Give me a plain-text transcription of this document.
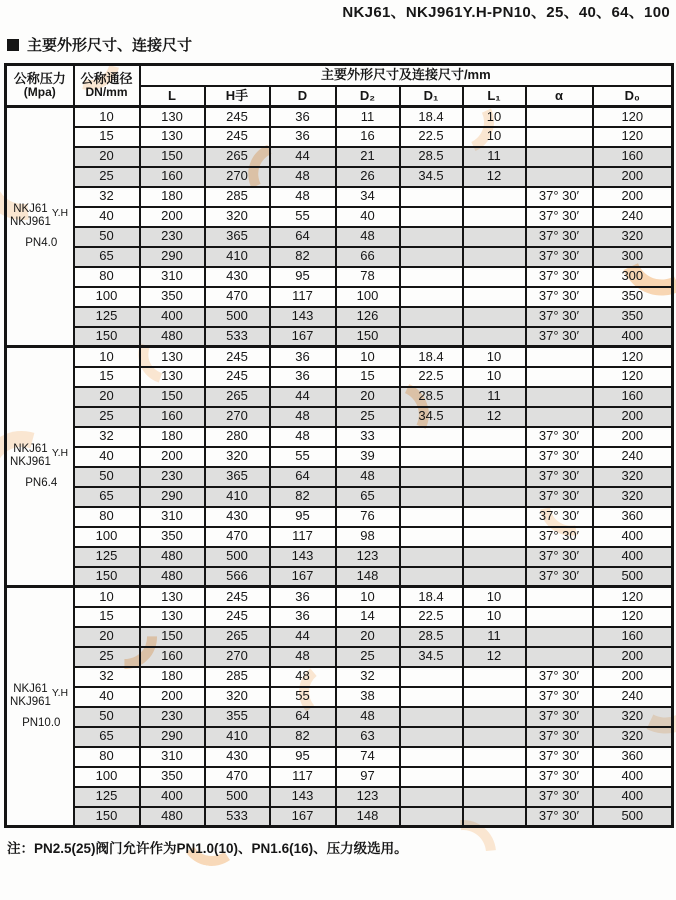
NKJ61、NKJ961Y.H-PN10、25、40、64、100
主要外形尺寸、连接尺寸
公称压力
(Mpa)	公称通径
DN/mm	主要外形尺寸及连接尺寸/mm							
		L	H手	D	D₂	D₁	L₁	α	D₀

NKJ61
NKJ961
Y.H
PN4.0	10	130	245	36	11	18.4	10		120
	15	130	245	36	16	22.5	10		120
	20	150	265	44	21	28.5	11		160
	25	160	270	48	26	34.5	12		200
	32	180	285	48	34			37° 30′	200
	40	200	320	55	40			37° 30′	240
	50	230	365	64	48			37° 30′	320
	65	290	410	82	66			37° 30′	300
	80	310	430	95	78			37° 30′	300
	100	350	470	117	100			37° 30′	350
	125	400	500	143	126			37° 30′	350
	150	480	533	167	150			37° 30′	400

NKJ61
NKJ961
Y.H
PN6.4	10	130	245	36	10	18.4	10		120
	15	130	245	36	15	22.5	10		120
	20	150	265	44	20	28.5	11		160
	25	160	270	48	25	34.5	12		200
	32	180	280	48	33			37° 30′	200
	40	200	320	55	39			37° 30′	240
	50	230	365	64	48			37° 30′	320
	65	290	410	82	65			37° 30′	320
	80	310	430	95	76			37° 30′	360
	100	350	470	117	98			37° 30′	400
	125	480	500	143	123			37° 30′	400
	150	480	566	167	148			37° 30′	500

NKJ61
NKJ961
Y.H
PN10.0	10	130	245	36	10	18.4	10		120
	15	130	245	36	14	22.5	10		120
	20	150	265	44	20	28.5	11		160
	25	160	270	48	25	34.5	12		200
	32	180	285	48	32			37° 30′	200
	40	200	320	55	38			37° 30′	240
	50	230	355	64	48			37° 30′	320
	65	290	410	82	63			37° 30′	320
	80	310	430	95	74			37° 30′	360
	100	350	470	117	97			37° 30′	400
	125	400	500	143	123			37° 30′	400
	150	480	533	167	148			37° 30′	500
注：PN2.5(25)阀门允许作为PN1.0(10)、PN1.6(16)、压力级选用。
